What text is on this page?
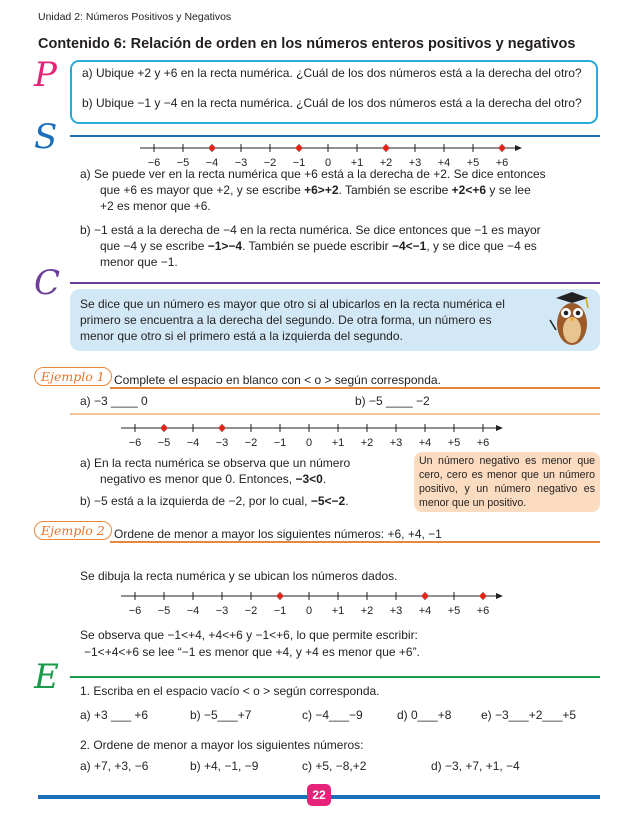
Unidad 2: Números Positivos y Negativos
Contenido 6: Relación de orden en los números enteros positivos y negativos
P a) Ubique +2 y +6 en la recta numérica. ¿Cuál de los dos números está a la derecha del otro?
b) Ubique −1 y −4 en la recta numérica. ¿Cuál de los dos números está a la derecha del otro?
S
−6 −5 −4 −3 −2 −1 0 +1 +2 +3 +4 +5 +6
a) Se puede ver en la recta numérica que +6 está a la derecha de +2. Se dice entonces
que +6 es mayor que +2, y se escribe +6>+2. También se escribe +2<+6 y se lee
+2 es menor que +6.
b) −1 está a la derecha de −4 en la recta numérica. Se dice entonces que −1 es mayor
que −4 y se escribe −1>−4. También se puede escribir −4<−1, y se dice que −4 es
menor que −1.
C
Se dice que un número es mayor que otro si al ubicarlos en la recta numérica el
primero se encuentra a la derecha del segundo. De otra forma, un número es
menor que otro si el primero está a la izquierda del segundo.
Ejemplo 1 Complete el espacio en blanco con < o > según corresponda.
a) −3 ____ 0	b) −5 ____ −2
−6 −5 −4 −3 −2 −1 0 +1 +2 +3 +4 +5 +6
a) En la recta numérica se observa que un número
negativo es menor que 0. Entonces, −3<0.
b) −5 está a la izquierda de −2, por lo cual, −5<−2.
Un número negativo es menor que cero, cero es menor que un número positivo, y un número negativo es menor que un positivo.
Ejemplo 2 Ordene de menor a mayor los siguientes números: +6, +4, −1
Se dibuja la recta numérica y se ubican los números dados.
−6 −5 −4 −3 −2 −1 0 +1 +2 +3 +4 +5 +6
Se observa que −1<+4, +4<+6 y −1<+6, lo que permite escribir:
−1<+4<+6 se lee “−1 es menor que +4, y +4 es menor que +6”.
E 1. Escriba en el espacio vacío < o > según corresponda.
a) +3 ___ +6	b) −5___+7	c) −4___−9	d) 0___+8 e) −3___+2___+5
2. Ordene de menor a mayor los siguientes números:
a) +7, +3, −6	b) +4, −1, −9	c) +5, −8,+2	d) −3, +7, +1, −4
22
